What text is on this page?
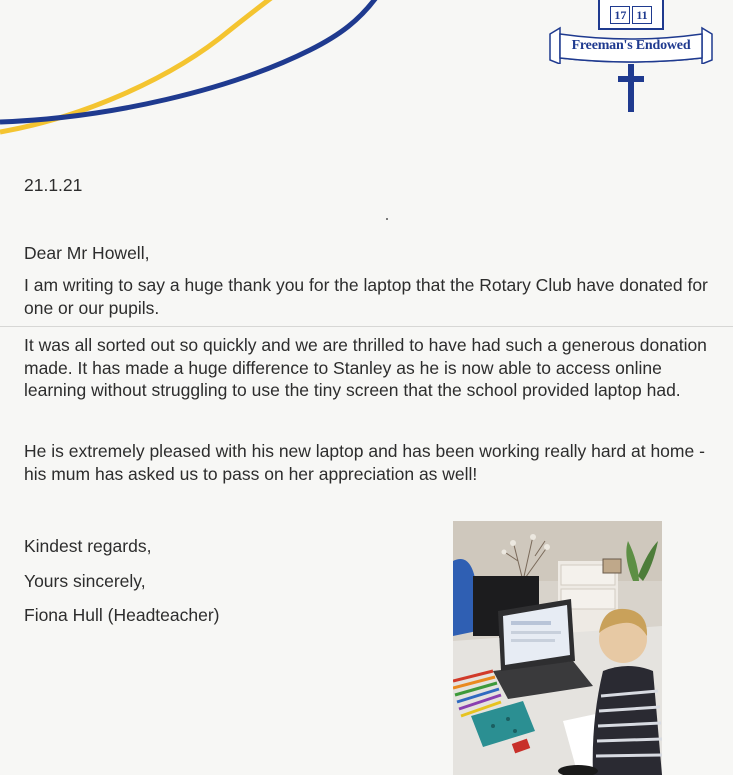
17 11
Freeman's Endowed

21.1.21

Dear Mr Howell,

I am writing to say a huge thank you for the laptop that the Rotary Club have donated for one or our pupils.

It was all sorted out so quickly and we are thrilled to have had such a generous donation made. It has made a huge difference to Stanley as he is now able to access online learning without struggling to use the tiny screen that the school provided laptop had.

He is extremely pleased with his new laptop and has been working really hard at home - his mum has asked us to pass on her appreciation as well!

Kindest regards,

Yours sincerely,

Fiona Hull (Headteacher)
